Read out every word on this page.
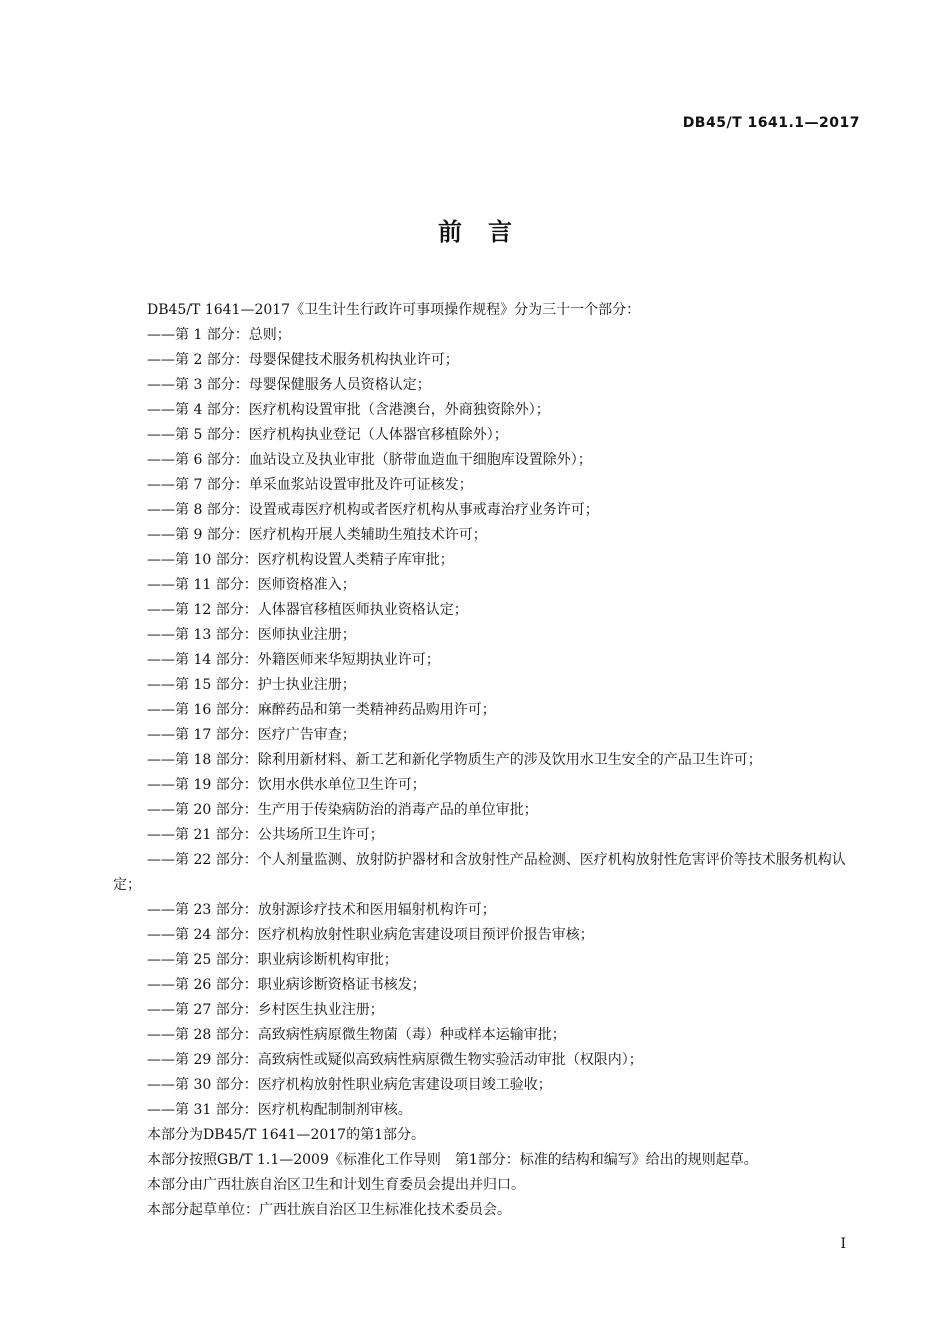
DB45/T 1641.1—2017
前言

DB45/T 1641—2017《卫生计生行政许可事项操作规程》分为三十一个部分：

——第 1 部分：总则；

——第 2 部分：母婴保健技术服务机构执业许可；

——第 3 部分：母婴保健服务人员资格认定；

——第 4 部分：医疗机构设置审批（含港澳台，外商独资除外）；

——第 5 部分：医疗机构执业登记（人体器官移植除外）；

——第 6 部分：血站设立及执业审批（脐带血造血干细胞库设置除外）；

——第 7 部分：单采血浆站设置审批及许可证核发；

——第 8 部分：设置戒毒医疗机构或者医疗机构从事戒毒治疗业务许可；

——第 9 部分：医疗机构开展人类辅助生殖技术许可；

——第 10 部分：医疗机构设置人类精子库审批；

——第 11 部分：医师资格准入；

——第 12 部分：人体器官移植医师执业资格认定；

——第 13 部分：医师执业注册；

——第 14 部分：外籍医师来华短期执业许可；

——第 15 部分：护士执业注册；

——第 16 部分：麻醉药品和第一类精神药品购用许可；

——第 17 部分：医疗广告审查；

——第 18 部分：除利用新材料、新工艺和新化学物质生产的涉及饮用水卫生安全的产品卫生许可；

——第 19 部分：饮用水供水单位卫生许可；

——第 20 部分：生产用于传染病防治的消毒产品的单位审批；

——第 21 部分：公共场所卫生许可；

——第 22 部分：个人剂量监测、放射防护器材和含放射性产品检测、医疗机构放射性危害评价等技术服务机构认定；

——第 23 部分：放射源诊疗技术和医用辐射机构许可；

——第 24 部分：医疗机构放射性职业病危害建设项目预评价报告审核；

——第 25 部分：职业病诊断机构审批；

——第 26 部分：职业病诊断资格证书核发；

——第 27 部分：乡村医生执业注册；

——第 28 部分：高致病性病原微生物菌（毒）种或样本运输审批；

——第 29 部分：高致病性或疑似高致病性病原微生物实验活动审批（权限内）；

——第 30 部分：医疗机构放射性职业病危害建设项目竣工验收；

——第 31 部分：医疗机构配制制剂审核。

本部分为DB45/T 1641—2017的第1部分。

本部分按照GB/T 1.1—2009《标准化工作导则　第1部分：标准的结构和编写》给出的规则起草。

本部分由广西壮族自治区卫生和计划生育委员会提出并归口。

本部分起草单位：广西壮族自治区卫生标准化技术委员会。

I
